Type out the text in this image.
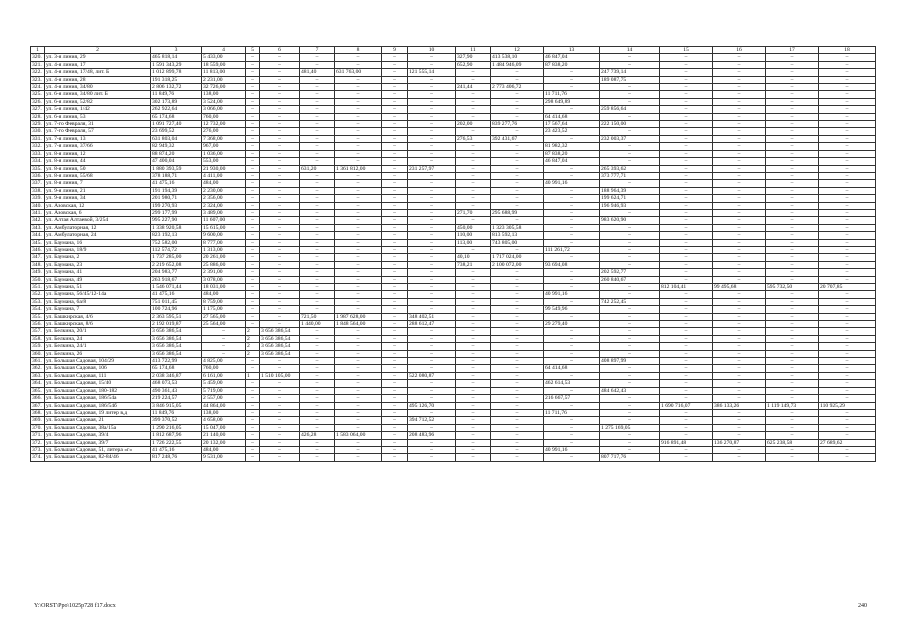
1	2	3	4	5	6	7	8	9	10	11	12	13	14	15	16	17	18
320.	ул. 3-я линия, 29	465 818,14	5 433,00	–	–	–	–	–	–	327,90	413 538,10	46 847,04	–	–	–	–	–
321.	ул. 4-я линия, 17	1 591 343,29	18 559,00	–	–	–	–	–	–	652,90	1 484 946,09	87 838,20	–	–	–	–	–
322.	ул. 4-я линия, 17/48, лит. Б	1 012 899,78	11 813,00	–	–	481,40	631 763,00	–	121 555,14	–	–	–	247 739,14	–	–	–	–
323.	ул. 4-я линия, 28	191 318,25	2 231,00	–	–	–	–	–	–	–	–	–	189 087,75	–	–	–	–
324.	ул. 4-я линия, 34/80	2 806 132,72	32 726,00	–	–	–	–	–	–	241,44	2 773 406,72	–	–	–	–	–	–
325.	ул. 6-я линия, 34/80 лит. Б	11 849,76	138,00	–	–	–	–	–	–	–	–	11 711,76	–	–	–	–	–
326.	ул. 6-я линия, 52/82	302 173,89	3 524,00	–	–	–	–	–	–	–	–	298 649,89	–	–	–	–	–
327.	ул. 5-я линия, 1/42	262 922,64	3 066,00	–	–	–	–	–	–	–	–	–	259 856,64	–	–	–	–
328.	ул. 6-я линия, 53	65 174,68	760,00	–	–	–	–	–	–	–	–	64 414,68	–	–	–	–	–
329.	ул. 7-го Февраля, 31	1 091 727,40	12 732,00	–	–	–	–	–	–	202,00	839 277,76	17 567,64	222 150,00	–	–	–	–
330.	ул. 7-го Февраля, 57	23 699,52	276,00	–	–	–	–	–	–	–	–	23 423,52	–	–	–	–	–
331.	ул. 7-я линия, 13	631 803,04	7 368,00	–	–	–	–	–	–	276,53	392 431,67	–	232 003,37	–	–	–	–
332.	ул. 7-я линия, 37/66	82 949,32	967,00	–	–	–	–	–	–	–	–	81 982,32	–	–	–	–	–
333.	ул. 8-я линия, 12	88 874,20	1 036,00	–	–	–	–	–	–	–	–	87 838,20	–	–	–	–	–
334.	ул. 8-я линия, 44	47 400,04	553,00	–	–	–	–	–	–	–	–	46 847,04	–	–	–	–	–
335.	ул. 8-я линия, 50	1 880 393,59	21 930,00	–	–	631,20	1 361 812,00	–	231 257,97	–	–	–	265 393,62	–	–	–	–
336.	ул. 8-я линия, 55/68	378 188,71	4 411,00	–	–	–	–	–	–	–	–	–	373 777,71	–	–	–	–
337.	ул. 8-я линия, 7	41 475,16	484,00	–	–	–	–	–	–	–	–	40 991,16	–	–	–	–	–
338.	ул. 9-я линия, 21	191 194,39	2 230,00	–	–	–	–	–	–	–	–	–	188 964,39	–	–	–	–
339.	ул. 9-я линия, 34	201 980,71	2 356,00	–	–	–	–	–	–	–	–	–	199 624,71	–	–	–	–
340.	ул. Азовская, 12	199 270,93	2 324,00	–	–	–	–	–	–	–	–	–	196 946,93	–	–	–	–
341.	ул. Азовская, 6	299 177,99	3 489,00	–	–	–	–	–	–	271,70	295 688,99	–	–	–	–	–	–
342.	ул. Алтая Алтаевой, 3/254	995 227,90	11 607,00	–	–	–	–	–	–	–	–	–	983 620,90	–	–	–	–
343.	ул. Амбулаторная, 12	1 338 920,58	15 615,00	–	–	–	–	–	–	450,00	1 323 305,58	–	–	–	–	–	–
344.	ул. Амбулаторная, 24	823 192,13	9 600,00	–	–	–	–	–	–	110,00	813 592,13	–	–	–	–	–	–
345.	ул. Баумана, 16	752 582,00	8 777,00	–	–	–	–	–	–	113,00	743 805,00	–	–	–	–	–	–
346.	ул. Баумана, 18/9	112 574,72	1 313,00	–	–	–	–	–	–	–	–	111 261,72	–	–	–	–	–
347.	ул. Баумана, 2	1 737 285,00	20 261,00	–	–	–	–	–	–	40,10	1 717 024,00	–	–	–	–	–	–
348.	ул. Баумана, 23	2 219 652,08	25 886,00	–	–	–	–	–	–	738,21	2 100 072,00	93 694,08	–	–	–	–	–
349.	ул. Баумана, 41	204 983,77	2 391,00	–	–	–	–	–	–	–	–	–	202 592,77	–	–	–	–
350.	ул. Баумана, 49	263 918,67	3 078,00	–	–	–	–	–	–	–	–	–	260 840,67	–	–	–	–
351.	ул. Баумана, 51	1 546 071,44	18 031,00	–	–	–	–	–	–	–	–	–	–	812 104,41	99 495,68	595 732,50	20 707,85
352.	ул. Баумана, 56/45/12-14а	41 475,16	484,00	–	–	–	–	–	–	–	–	40 991,16	–	–	–	–	–
353.	ул. Баумана, 6а/8	751 011,45	8 759,00	–	–	–	–	–	–	–	–	–	742 252,45	–	–	–	–
354.	ул. Баумана, 7	100 724,96	1 175,00	–	–	–	–	–	–	–	–	99 549,96	–	–	–	–	–
355.	ул. Башкирская, 4/6	2 363 595,51	27 565,00	–	–	721,50	1 987 628,00	–	348 402,51	–	–	–	–	–	–	–	–
356.	ул. Башкирская, 8/6	2 192 019,87	25 564,00	–	–	1 440,00	1 848 564,00	–	288 612,47	–	–	29 279,40	–	–	–	–	–
357.	ул. Белкина, 20/1	3 656 386,54	–	2	3 656 386,54	–	–	–	–	–	–	–	–	–	–	–	–
358.	ул. Белкина, 24	3 656 386,54	–	2	3 656 386,54	–	–	–	–	–	–	–	–	–	–	–	–
359.	ул. Белкина, 24/1	3 656 386,54	–	2	3 656 386,54	–	–	–	–	–	–	–	–	–	–	–	–
360.	ул. Белкина, 26	3 656 386,54	–	2	3 656 386,54	–	–	–	–	–	–	–	–	–	–	–	–
361.	ул. Большая Садовая, 104/29	413 722,99	4 825,00	–	–	–	–	–	–	–	–	–	408 897,99	–	–	–	–
362.	ул. Большая Садовая, 106	65 174,68	760,00	–	–	–	–	–	–	–	–	64 414,68	–	–	–	–	–
363.	ул. Большая Садовая, 111	2 038 346,87	6 161,00	1	1 510 105,00	–	–	–	522 080,87	–	–	–	–	–	–	–	–
364.	ул. Большая Садовая, 15/40	468 073,53	5 459,00	–	–	–	–	–	–	–	–	462 614,53	–	–	–	–	–
365.	ул. Большая Садовая, 180-182	490 361,43	5 719,00	–	–	–	–	–	–	–	–	–	484 642,43	–	–	–	–
366.	ул. Большая Садовая, 186/54а	219 224,57	2 557,00	–	–	–	–	–	–	–	–	216 667,57	–	–	–	–	–
367.	ул. Большая Садовая, 186/54б	3 846 915,05	44 864,00	–	–	–	–	–	495 126,70	–	–	–	–	1 690 716,07	386 133,26	1 119 149,73	110 925,29
368.	ул. Большая Садовая, 19 литер в,д	11 849,76	138,00	–	–	–	–	–	–	–	–	11 711,76	–	–	–	–	–
369.	ул. Большая Садовая, 21	399 370,52	4 658,00	–	–	–	–	–	394 712,52	–	–	–	–	–	–	–	–
370.	ул. Большая Садовая, 38а/15а	1 290 216,05	15 047,00	–	–	–	–	–	–	–	–	–	1 275 169,05	–	–	–	–
371.	ул. Большая Садовая, 39/4	1 812 687,96	21 140,00	–	–	426,28	1 583 064,00	–	208 483,96	–	–	–	–	–	–	–	–
372.	ул. Большая Садовая, 39/7	1 726 222,55	20 132,00	–	–	–	–	–	–	–	–	–	–	916 891,48	136 270,87	625 238,58	27 689,62
373.	ул. Большая Садовая, 51, литера «г»	41 475,16	484,00	–	–	–	–	–	–	–	–	40 991,16	–	–	–	–	–
374.	ул. Большая Садовая, 82-84/46	817 248,76	9 531,00	–	–	–	–	–	–	–	–	–	807 717,76	–	–	–	–
Y:\ORST\Ppo\1025p728 f17.docx	240
